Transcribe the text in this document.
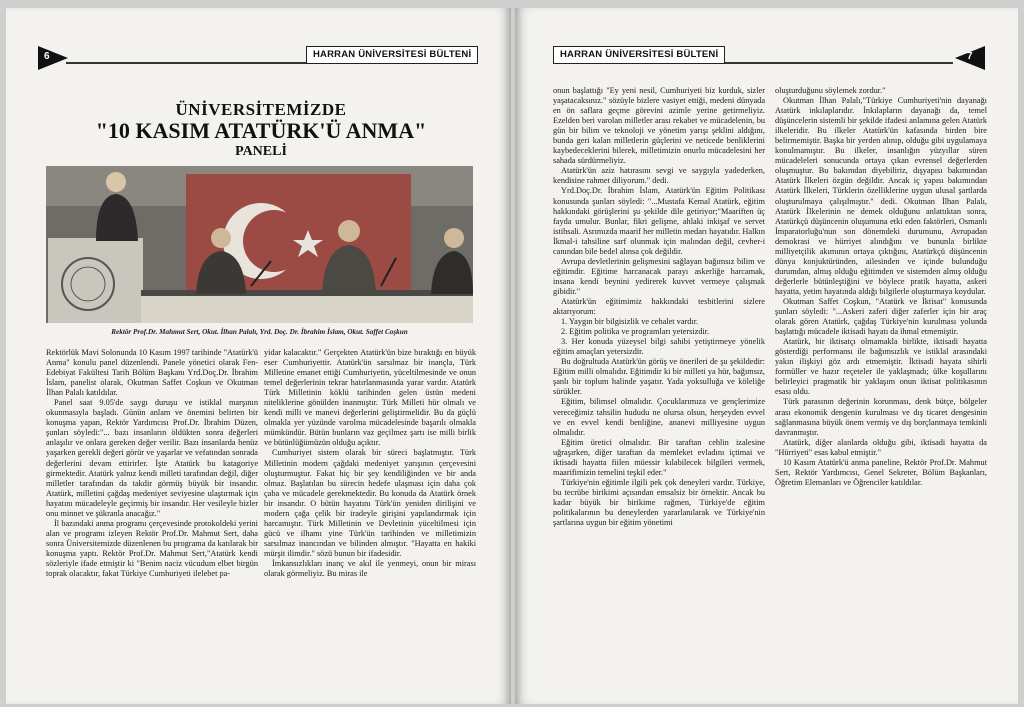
6	HARRAN ÜNİVERSİTESİ BÜLTENİ
ÜNİVERSİTEMİZDE
"10 KASIM ATATÜRK'Ü ANMA"
PANELİ
Rektör Prof.Dr. Mahmut Sert, Okut. İlhan Palalı, Yrd. Doç. Dr. İbrahim İslam, Okut. Saffet Coşkun

Rektörlük Mavi Solonunda 10 Kasım 1997 tarihinde "Atatürk'ü Anma" konulu panel düzenlendi. Panele yönetici olarak Fen-Edebiyat Fakültesi Tarih Bölüm Başkanı Yrd.Doç.Dr. İbrahim İslam, panelist olarak, Okutman Saffet Coşkun ve Okutman İlhan Palalı katıldılar.

Panel saat 9.05'de saygı duruşu ve istiklal marşının okunmasıyla başladı. Günün anlam ve önemini belirten bir konuşma yapan, Rektör Yardımcısı Prof.Dr. İbrahim Düzen, şunları söyledi:"... bazı insanların öldükten sonra değerleri anlaşılır ve onlara gereken değer verilir. Bazı insanlarda henüz yaşarken gerekli değeri görür ve yaşarlar ve vefatından sonrada değerlerini devam ettirirler. İşte Atatürk bu katagoriye girmektedir. Atatürk yalnız kendi milleti tarafından değil, diğer milletler tarafından da takdir görmüş büyük bir insandır. Atatürk, milletini çağdaş medeniyet seviyesine ulaştırmak için hayatını mücadeleyle geçirmiş bir insandır. Her vesileyle bizler onu minnet ve şükranla anacağız."

İl bazındaki anma programı çerçevesinde protokoldeki yerini alan ve programı izleyen Rektör Prof.Dr. Mahmut Sert, daha sonra Üniversitemizde düzenlenen bu programa da katılarak bir konuşma yaptı. Rektör Prof.Dr. Mahmut Sert,"Atatürk kendi sözleriyle ifade etmiştir ki "Benim naciz vücudum elbet birgün toprak olacaktır, fakat Türkiye Cumhuriyeti ilelebet pa-

yidar kalacaktır." Gerçekten Atatürk'ün bize bıraktığı en büyük eser Cumhuriyettir. Atatürk'ün sarsılmaz bir inançla, Türk Milletine emanet ettiği Cumhuriyetin, yüceltilmesinde ve onun temel değerlerinin tekrar hatırlanmasında yarar vardır. Atatürk Türk Milletinin köklü tarihinden gelen üstün medeni niteliklerine gönülden inanmıştır. Türk Milleti hür olmalı ve kendi milli ve manevi değerlerini geliştirmelidir. Bu da güçlü olmakla yer yüzünde varolma mücadelesinde başarılı olmakla mümkündür. Bütün bunların vaz geçilmez şartı ise milli birlik ve bütünlüğümüzün olduğu açıktır.

Cumhuriyet sistem olarak bir süreci başlatmıştır. Türk Milletinin modern çağdaki medeniyet yarışının çerçevesini oluşturmuştur. Fakat hiç bir şey kendiliğinden ve bir anda olmaz. Başlatılan bu sürecin hedefe ulaşması için daha çok çaba ve mücadele gerekmektedir. Bu konuda da Atatürk örnek bir insandır. O bütün hayatını Türk'ün yeniden dirilişini ve modern çağa çelik bir iradeyle girişini yapılandırmak için harcamıştır. Türk Milletinin ve Devletinin yüceltilmesi için gücü ve ilhamı yine Türk'ün tarihinden ve milletimizin sarsılmaz inancından ve bilinden almıştır. "Hayatta en hakiki mürşit ilimdir." sözü bunun bir ifadesidir.

İmkansızlıkları inanç ve akıl ile yenmeyi, onun bir mirası olarak görmeliyiz. Bu miras ile

HARRAN ÜNİVERSİTESİ BÜLTENİ	7

onun başlattığı "Ey yeni nesil, Cumhuriyeti biz kurduk, sizler yaşatacaksınız." sözüyle bizlere vasiyet ettiği, medeni dünyada en ön saflara geçme görevini azimle yerine getirmeliyiz. Ezelden beri varolan milletler arası rekabet ve mücadelenin, bu gün bir bilim ve teknoloji ve yönetim yarışı şeklini aldığını, bunda geri kalan milletlerin güçlerini ve neticede benliklerini kaybedeceklerini bilerek, milletimizin onurlu mücadelesini her sahada sürdürmeliyiz.

Atatürk'ün aziz hatırasını sevgi ve saygıyla yadederken, kendisine rahmet diliyorum." dedi.

Yrd.Doç.Dr. İbrahim İslam, Atatürk'ün Eğitim Politikası konusunda şunları söyledi: "...Mustafa Kemal Atatürk, eğitim hakkındaki görüşlerini şu şekilde dile getiriyor;"Maariften üç fayda umulur. Bunlar, fikri gelişme, ahlaki inkişaf ve servet istihsali. Asrımızda maarif her milletin medarı hayatıdır. Halkın İkmal-i tahsiline sarf olunmak için malından değil, cevher-i canından bile bedel alınsa çok değildir.

Avrupa devletlerinin gelişmesini sağlayan bağımsız bilim ve eğitimdir. Eğitime harcanacak parayı askerliğe harcamak, insana kendi beynini yedirerek kuvvet vermeye çalışmak gibidir."

Atatürk'ün eğitimimiz hakkındaki tesbitlerini sizlere aktarıyorum:

1. Yaygın bir bilgisizlik ve cehalet vardır.

2. Eğitim politika ve programları yetersizdir.

3. Her konuda yüzeysel bilgi sahibi yetiştirmeye yönelik eğitim amaçları yetersizdir.

Bu doğrultuda Atatürk'ün görüş ve önerileri de şu şekildedir: Eğitim milli olmalıdır. Eğitimdir ki bir milleti ya hür, bağımsız, şanlı bir toplum halinde yaşatır. Yada yoksulluğa ve köleliğe sürükler.

Eğitim, bilimsel olmalıdır. Çocuklarımıza ve gençlerimize vereceğimiz tahsilin hududu ne olursa olsun, herşeyden evvel ve en evvel kendi benliğine, ananevi milliyesine uygun olmalıdır.

Eğitim üretici olmalıdır. Bir taraftan cehlin izalesine uğraşırken, diğer taraftan da memleket evladını içtimai ve iktisadi hayatta fiilen müessir kılabilecek bilgileri vermek, maarifimizin temelini teşkil eder."

Türkiye'nin eğitimle ilgili pek çok deneyleri vardır. Türkiye, bu tecrübe birikimi açısından emsalsiz bir örnektir. Ancak bu kadar büyük bir birikime rağmen, Türkiye'de eğitim politikalarının bu deneylerden yararlanılarak ve Türkiye'nin şartlarına uygun bir eğitim yönetimi

oluşturduğunu söylemek zordur."

Okutman İlhan Palalı,"Türkiye Cumhuriyeti'nin dayanağı Atatürk inkılaplarıdır. İnkılapların dayanağı da, temel düşüncelerin sistemli bir şekilde ifadesi anlamına gelen Atatürk ilkeleridir. Bu ilkeler Atatürk'ün kafasında birden bire belirmemiştir. Başka bir yerden alınıp, olduğu gibi uygulamaya konulmamıştır. Bu ilkeler, insanlığın yüzyıllar süren mücadeleleri sonucunda ortaya çıkan evrensel değerlerden oluşmuştur. Bu bakımdan diyebiliriz, dışyapısı bakımından Atatürk İlkeleri özgün değildir. Ancak iç yapısı bakımından Atatürk İlkeleri, Türklerin özelliklerine uygun ulusal şartlarda oluşturulmaya çalışılmıştır." dedi. Okutman İlhan Palalı, Atatürk İlkelerinin ne demek olduğunu anlattıktan sonra, Atatürkçü düşüncenin oluşumuna etki eden faktörleri, Osmanlı İmparatorluğu'nun son dönemdeki durumunu, Avrupadan demokrasi ve hürriyet alındığını ve bununla birlikte milliyetçilik akımının ortaya çıktığını, Atatürkçü düşüncenin dünya konjuktüründen, ailesinden ve içinde bulunduğu durumdan, almış olduğu eğitimden ve sistemden almış olduğu değerlerle bütünleştiğini ve böylece pratik hayatta, askeri hayatta, yetim hayatında aldığı bilgilerle oluşturmaya koydular.

Okutman Saffet Coşkun, "Atatürk ve İktisat" konusunda şunları söyledi: "...Askeri zaferi diğer zaferler için bir araç olarak gören Atatürk, çağdaş Türkiye'nin kurulması yolunda başlattığı mücadele iktisadi hayatı da ihmal etmemiştir.

Atatürk, bir iktisatçı olmamakla birlikte, iktisadi hayatta gösterdiği performansı ile bağımsızlık ve istiklal arasındaki yakın ilişkiyi göz ardı etmemiştir. İktisadi hayata sihirli formüller ve hazır reçeteler ile yaklaşmadı; ülke koşullarını belirleyici pragmatik bir yaklaşım onun iktisat politikasının esası oldu.

Türk parasının değerinin korunması, denk bütçe, bölgeler arası ekonomik dengenin kurulması ve dış ticaret dengesinin sağlanmasına büyük önem vermiş ve dış borçlanmaya temkinli davranmıştır.

Atatürk, diğer alanlarda olduğu gibi, iktisadi hayatta da "Hürriyeti" esas kabul etmiştir."

10 Kasım Atatürk'ü anma paneline, Rektör Prof.Dr. Mahmut Sert, Rektör Yardımcısı, Genel Sekreter, Bölüm Başkanları, Öğretim Elemanları ve Öğrenciler katıldılar.
